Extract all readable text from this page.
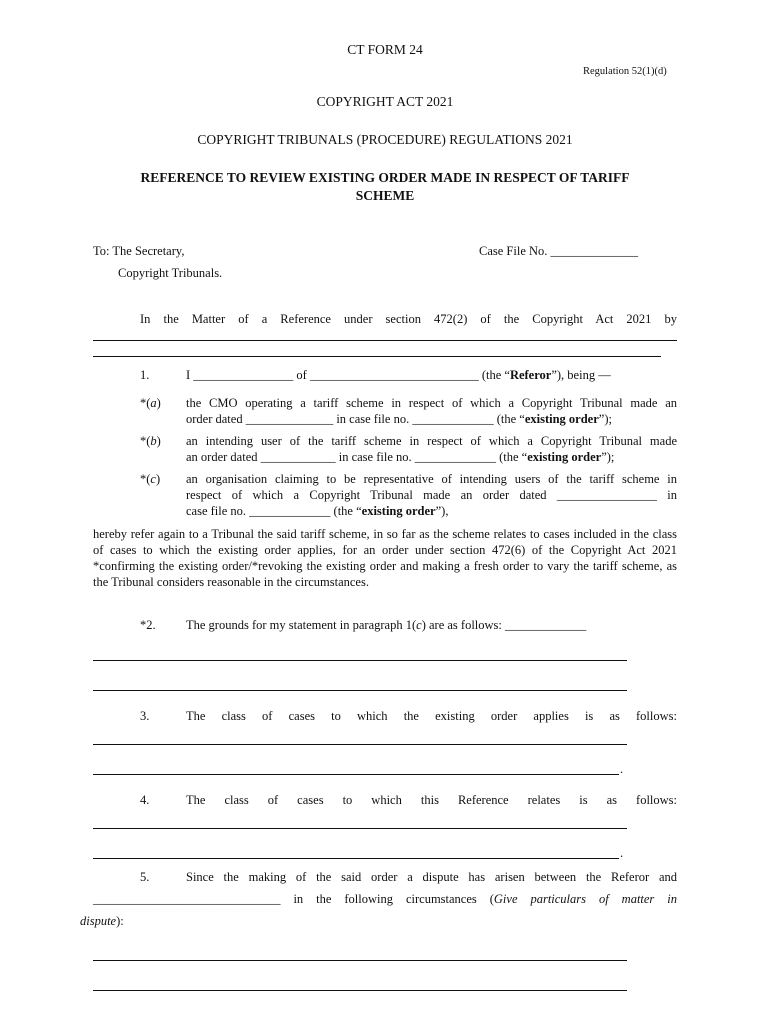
CT FORM 24
Regulation 52(1)(d)
COPYRIGHT ACT 2021
COPYRIGHT TRIBUNALS (PROCEDURE) REGULATIONS 2021
REFERENCE TO REVIEW EXISTING ORDER MADE IN RESPECT OF TARIFF
SCHEME
To: The Secretary,
Copyright Tribunals.
Case File No. ______________
In the Matter of a Reference under section 472(2) of the Copyright Act 2021 by
1.	I ________________ of ___________________________ (the “Referor”), being —
*(a) the CMO operating a tariff scheme in respect of which a Copyright Tribunal made an
order dated ______________ in case file no. _____________ (the “existing order”);
*(b) an intending user of the tariff scheme in respect of which a Copyright Tribunal made
an order dated ____________ in case file no. _____________ (the “existing order”);
*(c) an organisation claiming to be representative of intending users of the tariff scheme in
respect of which a Copyright Tribunal made an order dated ________________ in
case file no. _____________ (the “existing order”),
hereby refer again to a Tribunal the said tariff scheme, in so far as the scheme relates to cases included in the class of cases to which the existing order applies, for an order under section 472(6) of the Copyright Act 2021 *confirming the existing order/*revoking the existing order and making a fresh order to vary the tariff scheme, as the Tribunal considers reasonable in the circumstances.
*2. The grounds for my statement in paragraph 1(c) are as follows: _____________
3.	The class of cases to which the existing order applies is as follows:
.
4.	The class of cases to which this Reference relates is as follows:
.
5.	Since the making of the said order a dispute has arisen between the Referor and
______________________________ in the following circumstances (Give particulars of matter in
dispute):
